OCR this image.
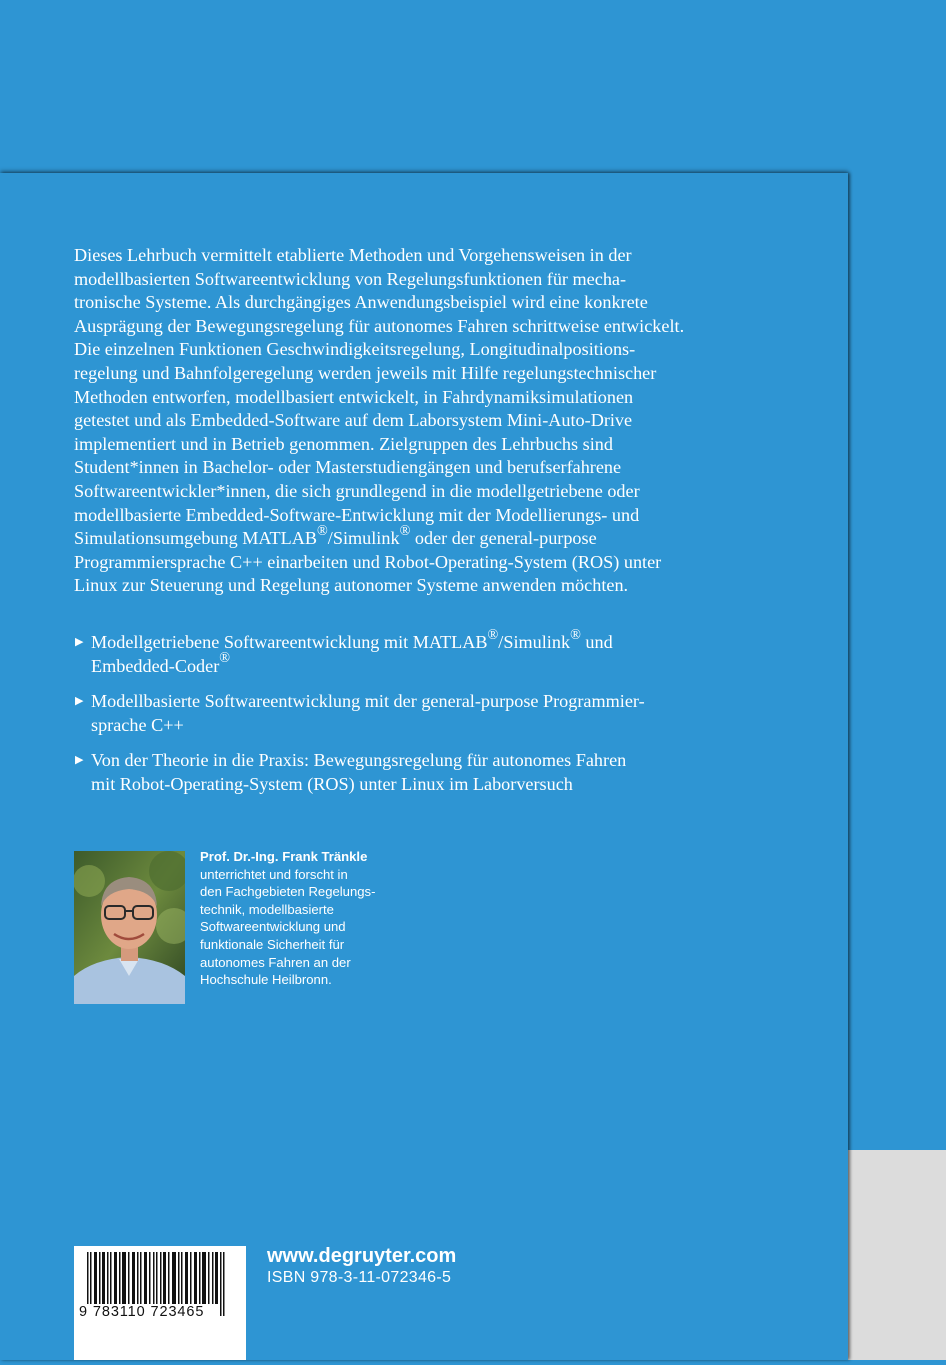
Dieses Lehrbuch vermittelt etablierte Methoden und Vorgehensweisen in der
modellbasierten Softwareentwicklung von Regelungsfunktionen für mecha-
tronische Systeme. Als durchgängiges Anwendungsbeispiel wird eine konkrete
Ausprägung der Bewegungsregelung für autonomes Fahren schrittweise entwickelt.
Die einzelnen Funktionen Geschwindigkeitsregelung, Longitudinalpositions-
regelung und Bahnfolgeregelung werden jeweils mit Hilfe regelungstechnischer
Methoden entworfen, modellbasiert entwickelt, in Fahrdynamiksimulationen
getestet und als Embedded-Software auf dem Laborsystem Mini-Auto-Drive
implementiert und in Betrieb genommen. Zielgruppen des Lehrbuchs sind
Student*innen in Bachelor- oder Masterstudiengängen und berufserfahrene
Softwareentwickler*innen, die sich grundlegend in die modellgetriebene oder
modellbasierte Embedded-Software-Entwicklung mit der Modellierungs- und
Simulationsumgebung MATLAB®/Simulink® oder der general-purpose
Programmiersprache C++ einarbeiten und Robot-Operating-System (ROS) unter
Linux zur Steuerung und Regelung autonomer Systeme anwenden möchten.

▶ Modellgetriebene Softwareentwicklung mit MATLAB®/Simulink® und
Embedded-Coder®
▶ Modellbasierte Softwareentwicklung mit der general-purpose Programmier-
sprache C++
▶ Von der Theorie in die Praxis: Bewegungsregelung für autonomes Fahren
mit Robot-Operating-System (ROS) unter Linux im Laborversuch
Prof. Dr.-Ing. Frank Tränkle
unterrichtet und forscht in
den Fachgebieten Regelungs-
technik, modellbasierte
Softwareentwicklung und
funktionale Sicherheit für
autonomes Fahren an der
Hochschule Heilbronn.
9 783110 723465
www.degruyter.com
ISBN 978-3-11-072346-5
